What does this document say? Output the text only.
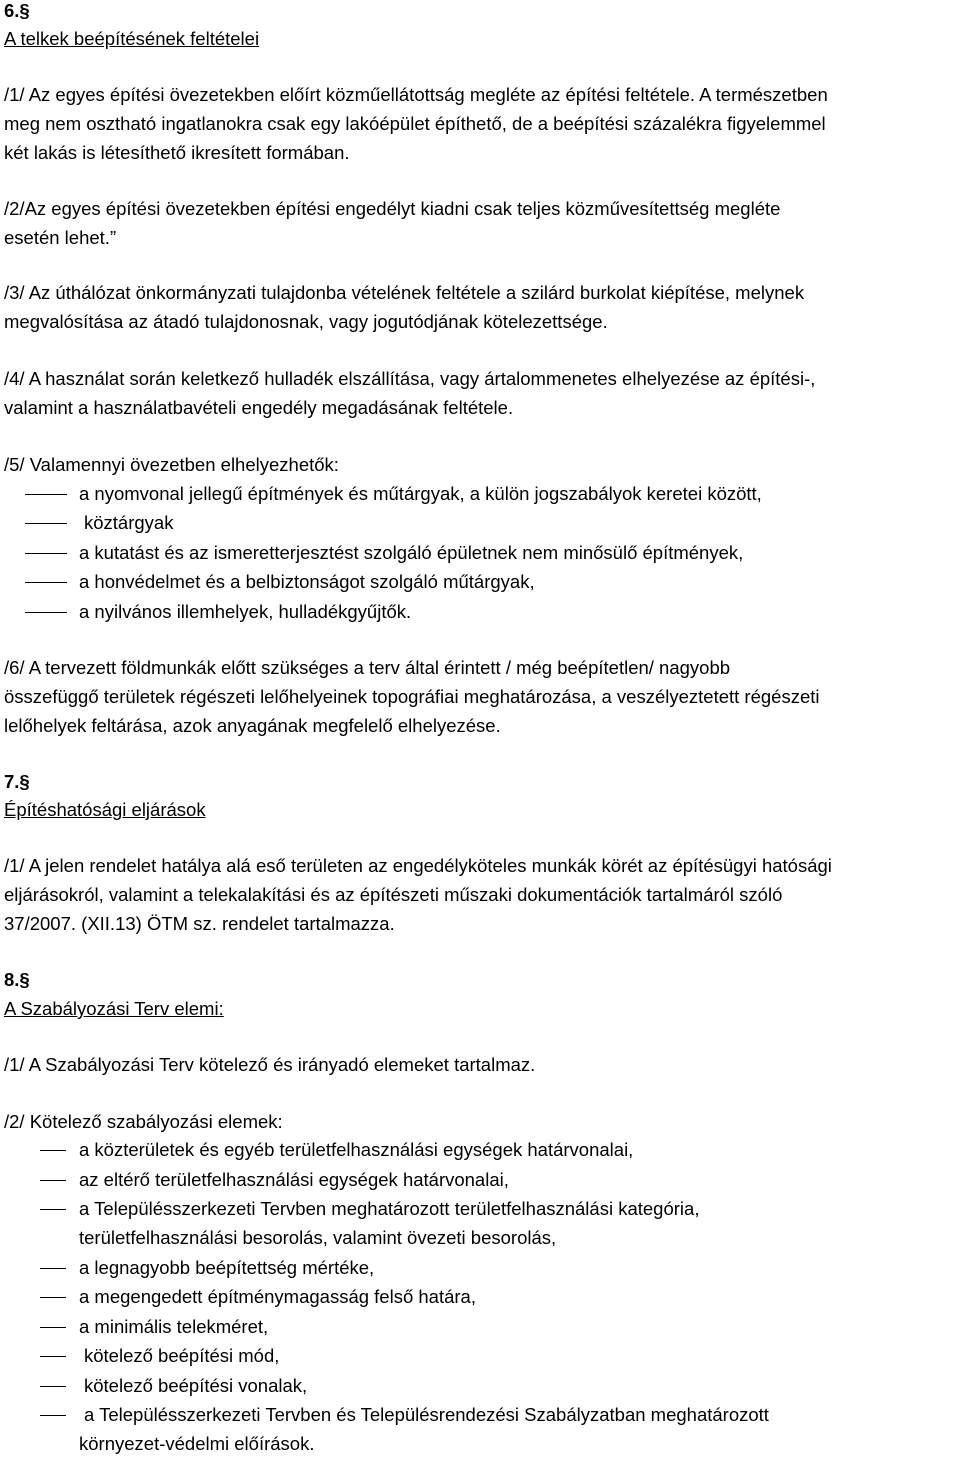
6.§
A telkek beépítésének feltételei
/1/ Az egyes építési övezetekben előírt közműellátottság megléte az építési feltétele. A természetben
meg nem osztható ingatlanokra csak egy lakóépület építhető, de a beépítési százalékra figyelemmel
két lakás is létesíthető ikresített formában.
/2/Az egyes építési övezetekben építési engedélyt kiadni csak teljes közművesítettség megléte
esetén lehet.”
/3/ Az úthálózat önkormányzati tulajdonba vételének feltétele a szilárd burkolat kiépítése, melynek
megvalósítása az átadó tulajdonosnak, vagy jogutódjának kötelezettsége.
/4/ A használat során keletkező hulladék elszállítása, vagy ártalommenetes elhelyezése az építési-,
valamint a használatbavételi engedély megadásának feltétele.
/5/ Valamennyi övezetben elhelyezhetők:
a nyomvonal jellegű építmények és műtárgyak, a külön jogszabályok keretei között,
köztárgyak
a kutatást és az ismeretterjesztést szolgáló épületnek nem minősülő építmények,
a honvédelmet és a belbiztonságot szolgáló műtárgyak,
a nyilvános illemhelyek, hulladékgyűjtők.
/6/ A tervezett földmunkák előtt szükséges a terv által érintett / még beépítetlen/ nagyobb
összefüggő területek régészeti lelőhelyeinek topográfiai meghatározása, a veszélyeztetett régészeti
lelőhelyek feltárása, azok anyagának megfelelő elhelyezése.
7.§
Építéshatósági eljárások
/1/ A jelen rendelet hatálya alá eső területen az engedélyköteles munkák körét az építésügyi hatósági
eljárásokról, valamint a telekalakítási és az építészeti műszaki dokumentációk tartalmáról szóló
37/2007. (XII.13) ÖTM sz. rendelet tartalmazza.
8.§
A Szabályozási Terv elemi:
/1/ A Szabályozási Terv kötelező és irányadó elemeket tartalmaz.
/2/ Kötelező szabályozási elemek:
a közterületek és egyéb területfelhasználási egységek határvonalai,
az eltérő területfelhasználási egységek határvonalai,
a Településszerkezeti Tervben meghatározott területfelhasználási kategória,
területfelhasználási besorolás, valamint övezeti besorolás,
a legnagyobb beépítettség mértéke,
a megengedett építménymagasság felső határa,
a minimális telekméret,
kötelező beépítési mód,
kötelező beépítési vonalak,
a Településszerkezeti Tervben és Településrendezési Szabályzatban meghatározott
környezet-védelmi előírások.
